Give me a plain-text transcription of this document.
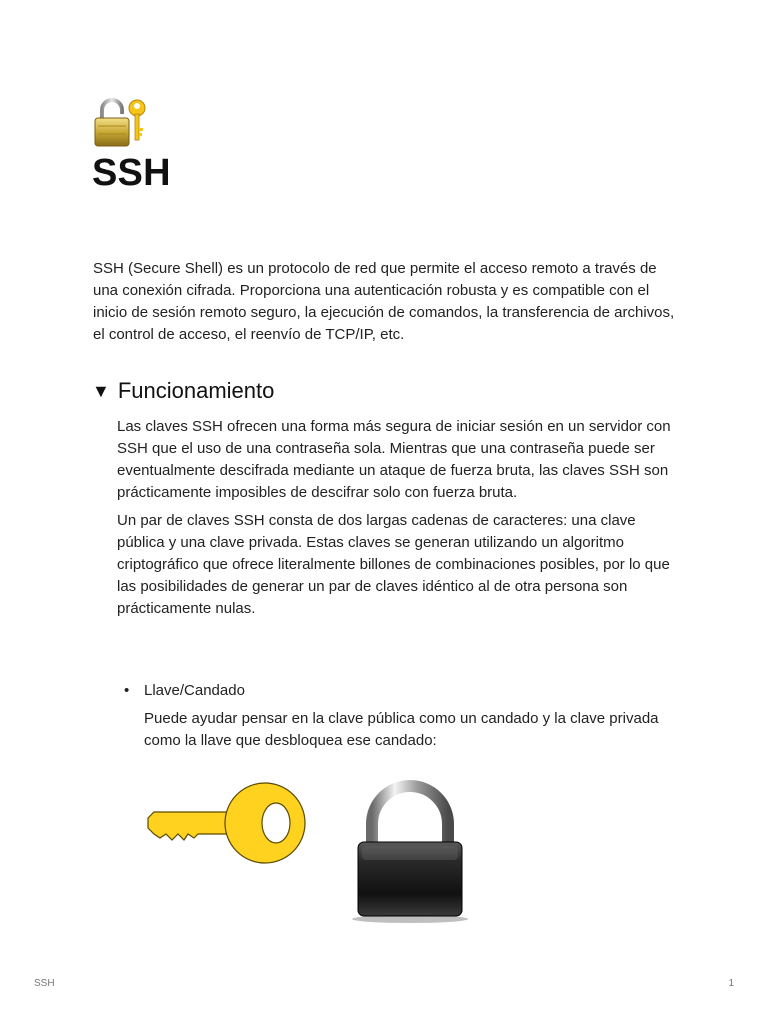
SSH

SSH (Secure Shell) es un protocolo de red que permite el acceso remoto a través de una conexión cifrada. Proporciona una autenticación robusta y es compatible con el inicio de sesión remoto seguro, la ejecución de comandos, la transferencia de archivos, el control de acceso, el reenvío de TCP/IP, etc.

▼ Funcionamiento

Las claves SSH ofrecen una forma más segura de iniciar sesión en un servidor con SSH que el uso de una contraseña sola. Mientras que una contraseña puede ser eventualmente descifrada mediante un ataque de fuerza bruta, las claves SSH son prácticamente imposibles de descifrar solo con fuerza bruta.

Un par de claves SSH consta de dos largas cadenas de caracteres: una clave pública y una clave privada. Estas claves se generan utilizando un algoritmo criptográfico que ofrece literalmente billones de combinaciones posibles, por lo que las posibilidades de generar un par de claves idéntico al de otra persona son prácticamente nulas.

• Llave/Candado

Puede ayudar pensar en la clave pública como un candado y la clave privada como la llave que desbloquea ese candado:

SSH	1
